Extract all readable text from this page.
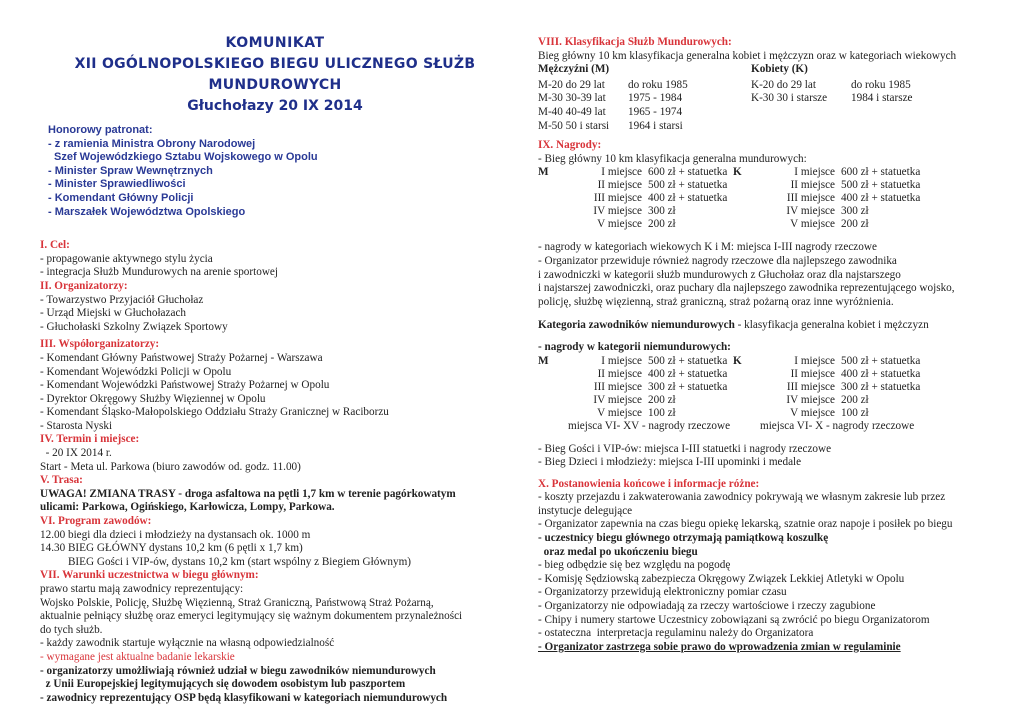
KOMUNIKAT
XII OGÓLNOPOLSKIEGO BIEGU ULICZNEGO SŁUŻB MUNDUROWYCH
Głuchołazy 20 IX 2014
Honorowy patronat:
- z ramienia Ministra Obrony Narodowej
Szef Wojewódzkiego Sztabu Wojskowego w Opolu
- Minister Spraw Wewnętrznych
- Minister Sprawiedliwości
- Komendant Główny Policji
- Marszałek Województwa Opolskiego
I. Cel:
- propagowanie aktywnego stylu życia
- integracja Służb Mundurowych na arenie sportowej
II. Organizatorzy:
- Towarzystwo Przyjaciół Głuchołaz
- Urząd Miejski w Głuchołazach
- Głuchołaski Szkolny Związek Sportowy
III. Współorganizatorzy:
- Komendant Główny Państwowej Straży Pożarnej - Warszawa
- Komendant Wojewódzki Policji w Opolu
- Komendant Wojewódzki Państwowej Straży Pożarnej w Opolu
- Dyrektor Okręgowy Służby Więziennej w Opolu
- Komendant Śląsko-Małopolskiego Oddziału Straży Granicznej w Raciborzu
- Starosta Nyski
IV. Termin i miejsce:
- 20 IX 2014 r.
Start - Meta ul. Parkowa (biuro zawodów od. godz. 11.00)
V. Trasa:
UWAGA! ZMIANA TRASY - droga asfaltowa na pętli 1,7 km w terenie pagórkowatym
ulicami: Parkowa, Ogińskiego, Karłowicza, Lompy, Parkowa.
VI. Program zawodów:
12.00 biegi dla dzieci i młodzieży na dystansach ok. 1000 m
14.30 BIEG GŁÓWNY dystans 10,2 km (6 pętli x 1,7 km)
BIEG Gości i VIP-ów, dystans 10,2 km (start wspólny z Biegiem Głównym)
VII. Warunki uczestnictwa w biegu głównym:
prawo startu mają zawodnicy reprezentujący:
Wojsko Polskie, Policję, Służbę Więzienną, Straż Graniczną, Państwową Straż Pożarną,
aktualnie pełniący służbę oraz emeryci legitymujący się ważnym dokumentem przynależności
do tych służb.
- każdy zawodnik startuje wyłącznie na własną odpowiedzialność
- wymagane jest aktualne badanie lekarskie
- organizatorzy umożliwiają również udział w biegu zawodników niemundurowych
z Unii Europejskiej legitymujących się dowodem osobistym lub paszportem
- zawodnicy reprezentujący OSP będą klasyfikowani w kategoriach niemundurowych
VIII. Klasyfikacja Służb Mundurowych:
Bieg główny 10 km klasyfikacja generalna kobiet i mężczyzn oraz w kategoriach wiekowych
Mężczyźni (M)	Kobiety (K)
M-20 do 29 lat	do roku 1985	K-20 do 29 lat	do roku 1985
M-30 30-39 lat	1975 - 1984	K-30 30 i starsze	1984 i starsze
M-40 40-49 lat	1965 - 1974
M-50 50 i starsi	1964 i starsi
IX. Nagrody:
- Bieg główny 10 km klasyfikacja generalna mundurowych:
M	I miejsce 600 zł + statuetka K	I miejsce 600 zł + statuetka
II miejsce 500 zł + statuetka	II miejsce 500 zł + statuetka
III miejsce 400 zł + statuetka	III miejsce 400 zł + statuetka
IV miejsce 300 zł	IV miejsce 300 zł
V miejsce 200 zł	V miejsce 200 zł
- nagrody w kategoriach wiekowych K i M: miejsca I-III nagrody rzeczowe
- Organizator przewiduje również nagrody rzeczowe dla najlepszego zawodnika
i zawodniczki w kategorii służb mundurowych z Głuchołaz oraz dla najstarszego
i najstarszej zawodniczki, oraz puchary dla najlepszego zawodnika reprezentującego wojsko,
policję, służbę więzienną, straż graniczną, straż pożarną oraz inne wyróżnienia.
Kategoria zawodników niemundurowych - klasyfikacja generalna kobiet i mężczyzn
- nagrody w kategorii niemundurowych:
M	I miejsce 500 zł + statuetka K	I miejsce 500 zł + statuetka
II miejsce 400 zł + statuetka	II miejsce 400 zł + statuetka
III miejsce 300 zł + statuetka	III miejsce 300 zł + statuetka
IV miejsce 200 zł	IV miejsce 200 zł
V miejsce 100 zł	V miejsce 100 zł
miejsca VI- XV - nagrody rzeczowe	miejsca VI- X - nagrody rzeczowe
- Bieg Gości i VIP-ów: miejsca I-III statuetki i nagrody rzeczowe
- Bieg Dzieci i młodzieży: miejsca I-III upominki i medale
X. Postanowienia końcowe i informacje różne:
- koszty przejazdu i zakwaterowania zawodnicy pokrywają we własnym zakresie lub przez
instytucje delegujące
- Organizator zapewnia na czas biegu opiekę lekarską, szatnie oraz napoje i posiłek po biegu
- uczestnicy biegu głównego otrzymają pamiątkową koszulkę
oraz medal po ukończeniu biegu
- bieg odbędzie się bez względu na pogodę
- Komisję Sędziowską zabezpiecza Okręgowy Związek Lekkiej Atletyki w Opolu
- Organizatorzy przewidują elektroniczny pomiar czasu
- Organizatorzy nie odpowiadają za rzeczy wartościowe i rzeczy zagubione
- Chipy i numery startowe Uczestnicy zobowiązani są zwrócić po biegu Organizatorom
- ostateczna  interpretacja regulaminu należy do Organizatora
- Organizator zastrzega sobie prawo do wprowadzenia zmian w regulaminie
